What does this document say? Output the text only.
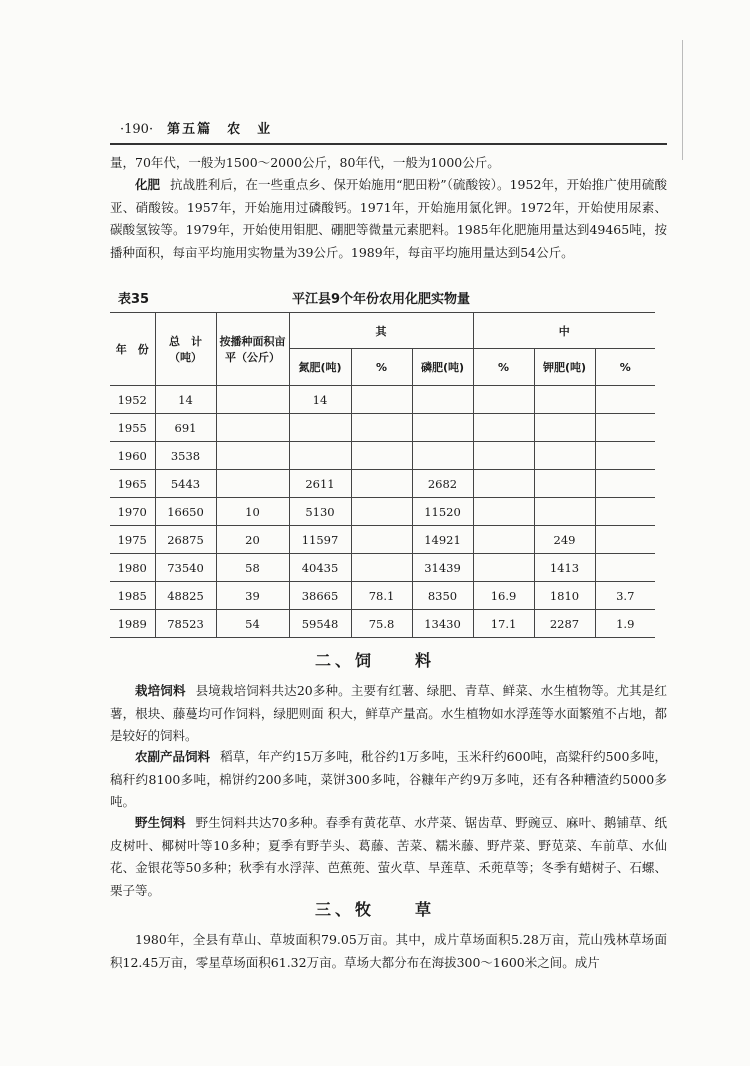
·190· 第五篇　农　业
量，70年代，一般为1500～2000公斤，80年代，一般为1000公斤。
化肥 抗战胜利后，在一些重点乡、保开始施用“肥田粉”（硫酸铵）。1952年，开始推广使用硫酸亚、硝酸铵。1957年，开始施用过磷酸钙。1971年，开始施用氯化钾。1972年，开始使用尿素、碳酸氢铵等。1979年，开始使用钼肥、硼肥等微量元素肥料。1985年化肥施用量达到49465吨，按播种面积，每亩平均施用实物量为39公斤。1989年，每亩平均施用量达到54公斤。
表35	平江县9个年份农用化肥实物量
年　份	总　计（吨）	按播种面积亩平（公斤）	其			中		
			氮肥(吨)	%	磷肥(吨)	%	钾肥(吨)	%
1952	14		14					
1955	691							
1960	3538							
1965	5443		2611		2682			
1970	16650	10	5130		11520			
1975	26875	20	11597		14921		249	
1980	73540	58	40435		31439		1413	
1985	48825	39	38665	78.1	8350	16.9	1810	3.7
1989	78523	54	59548	75.8	13430	17.1	2287	1.9
二、饲　　料
栽培饲料 县境栽培饲料共达20多种。主要有红薯、绿肥、青草、鲜菜、水生植物等。尤其是红薯，根块、藤蔓均可作饲料，绿肥则面 积大，鲜草产量高。水生植物如水浮莲等水面繁殖不占地，都是较好的饲料。
农副产品饲料 稻草，年产约15万多吨，秕谷约1万多吨，玉米秆约600吨，高粱秆约500多吨，稿秆约8100多吨，棉饼约200多吨，菜饼300多吨，谷糠年产约9万多吨，还有各种糟渣约5000多吨。
野生饲料 野生饲料共达70多种。春季有黄花草、水芹菜、锯齿草、野豌豆、麻叶、鹅铺草、纸皮树叶、椰树叶等10多种；夏季有野芋头、葛藤、苦菜、糯米藤、野芹菜、野苋菜、车前草、水仙花、金银花等50多种；秋季有水浮萍、芭蕉蔸、萤火草、旱莲草、禾蔸草等；冬季有蜡树子、石螺、栗子等。
三、牧　　草
1980年，全县有草山、草坡面积79.05万亩。其中，成片草场面积5.28万亩，荒山残林草场面积12.45万亩，零星草场面积61.32万亩。草场大都分布在海拔300～1600米之间。成片
